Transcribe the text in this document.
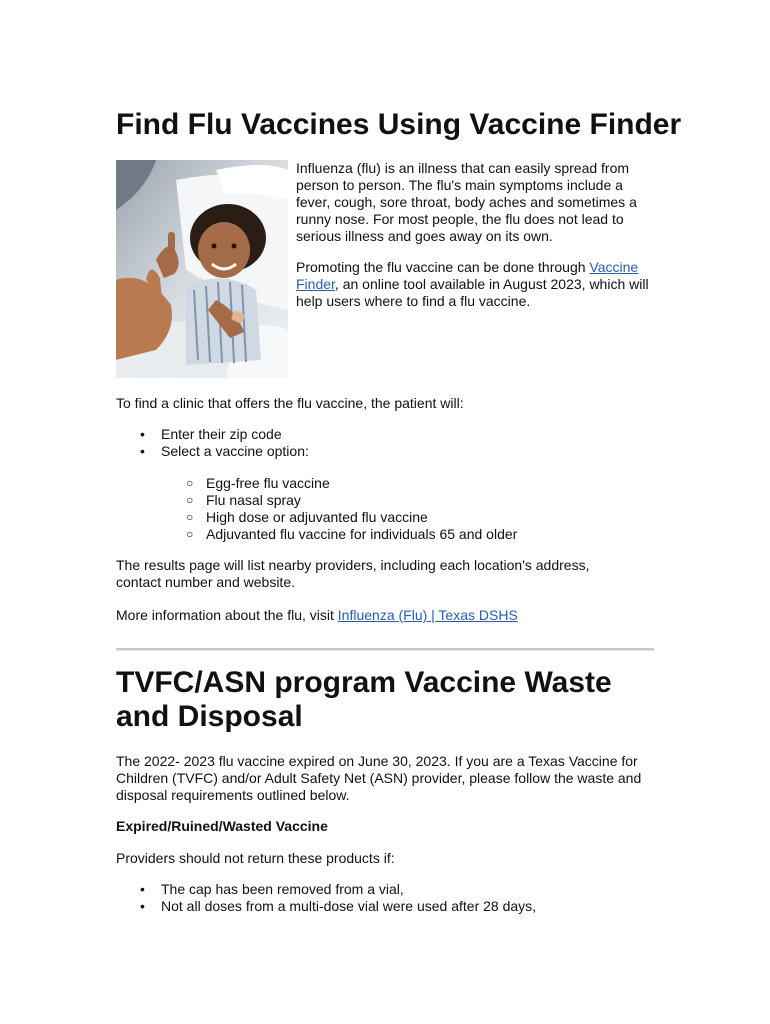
Find Flu Vaccines Using Vaccine Finder

Influenza (flu) is an illness that can easily spread from person to person. The flu's main symptoms include a fever, cough, sore throat, body aches and sometimes a runny nose. For most people, the flu does not lead to serious illness and goes away on its own.

Promoting the flu vaccine can be done through Vaccine Finder, an online tool available in August 2023, which will help users where to find a flu vaccine.

To find a clinic that offers the flu vaccine, the patient will:

• Enter their zip code
• Select a vaccine option:
○ Egg-free flu vaccine
○ Flu nasal spray
○ High dose or adjuvanted flu vaccine
○ Adjuvanted flu vaccine for individuals 65 and older

The results page will list nearby providers, including each location's address, contact number and website.

More information about the flu, visit Influenza (Flu) | Texas DSHS

TVFC/ASN program Vaccine Waste and Disposal

The 2022- 2023 flu vaccine expired on June 30, 2023. If you are a Texas Vaccine for Children (TVFC) and/or Adult Safety Net (ASN) provider, please follow the waste and disposal requirements outlined below.

Expired/Ruined/Wasted Vaccine

Providers should not return these products if:

• The cap has been removed from a vial,
• Not all doses from a multi-dose vial were used after 28 days,
